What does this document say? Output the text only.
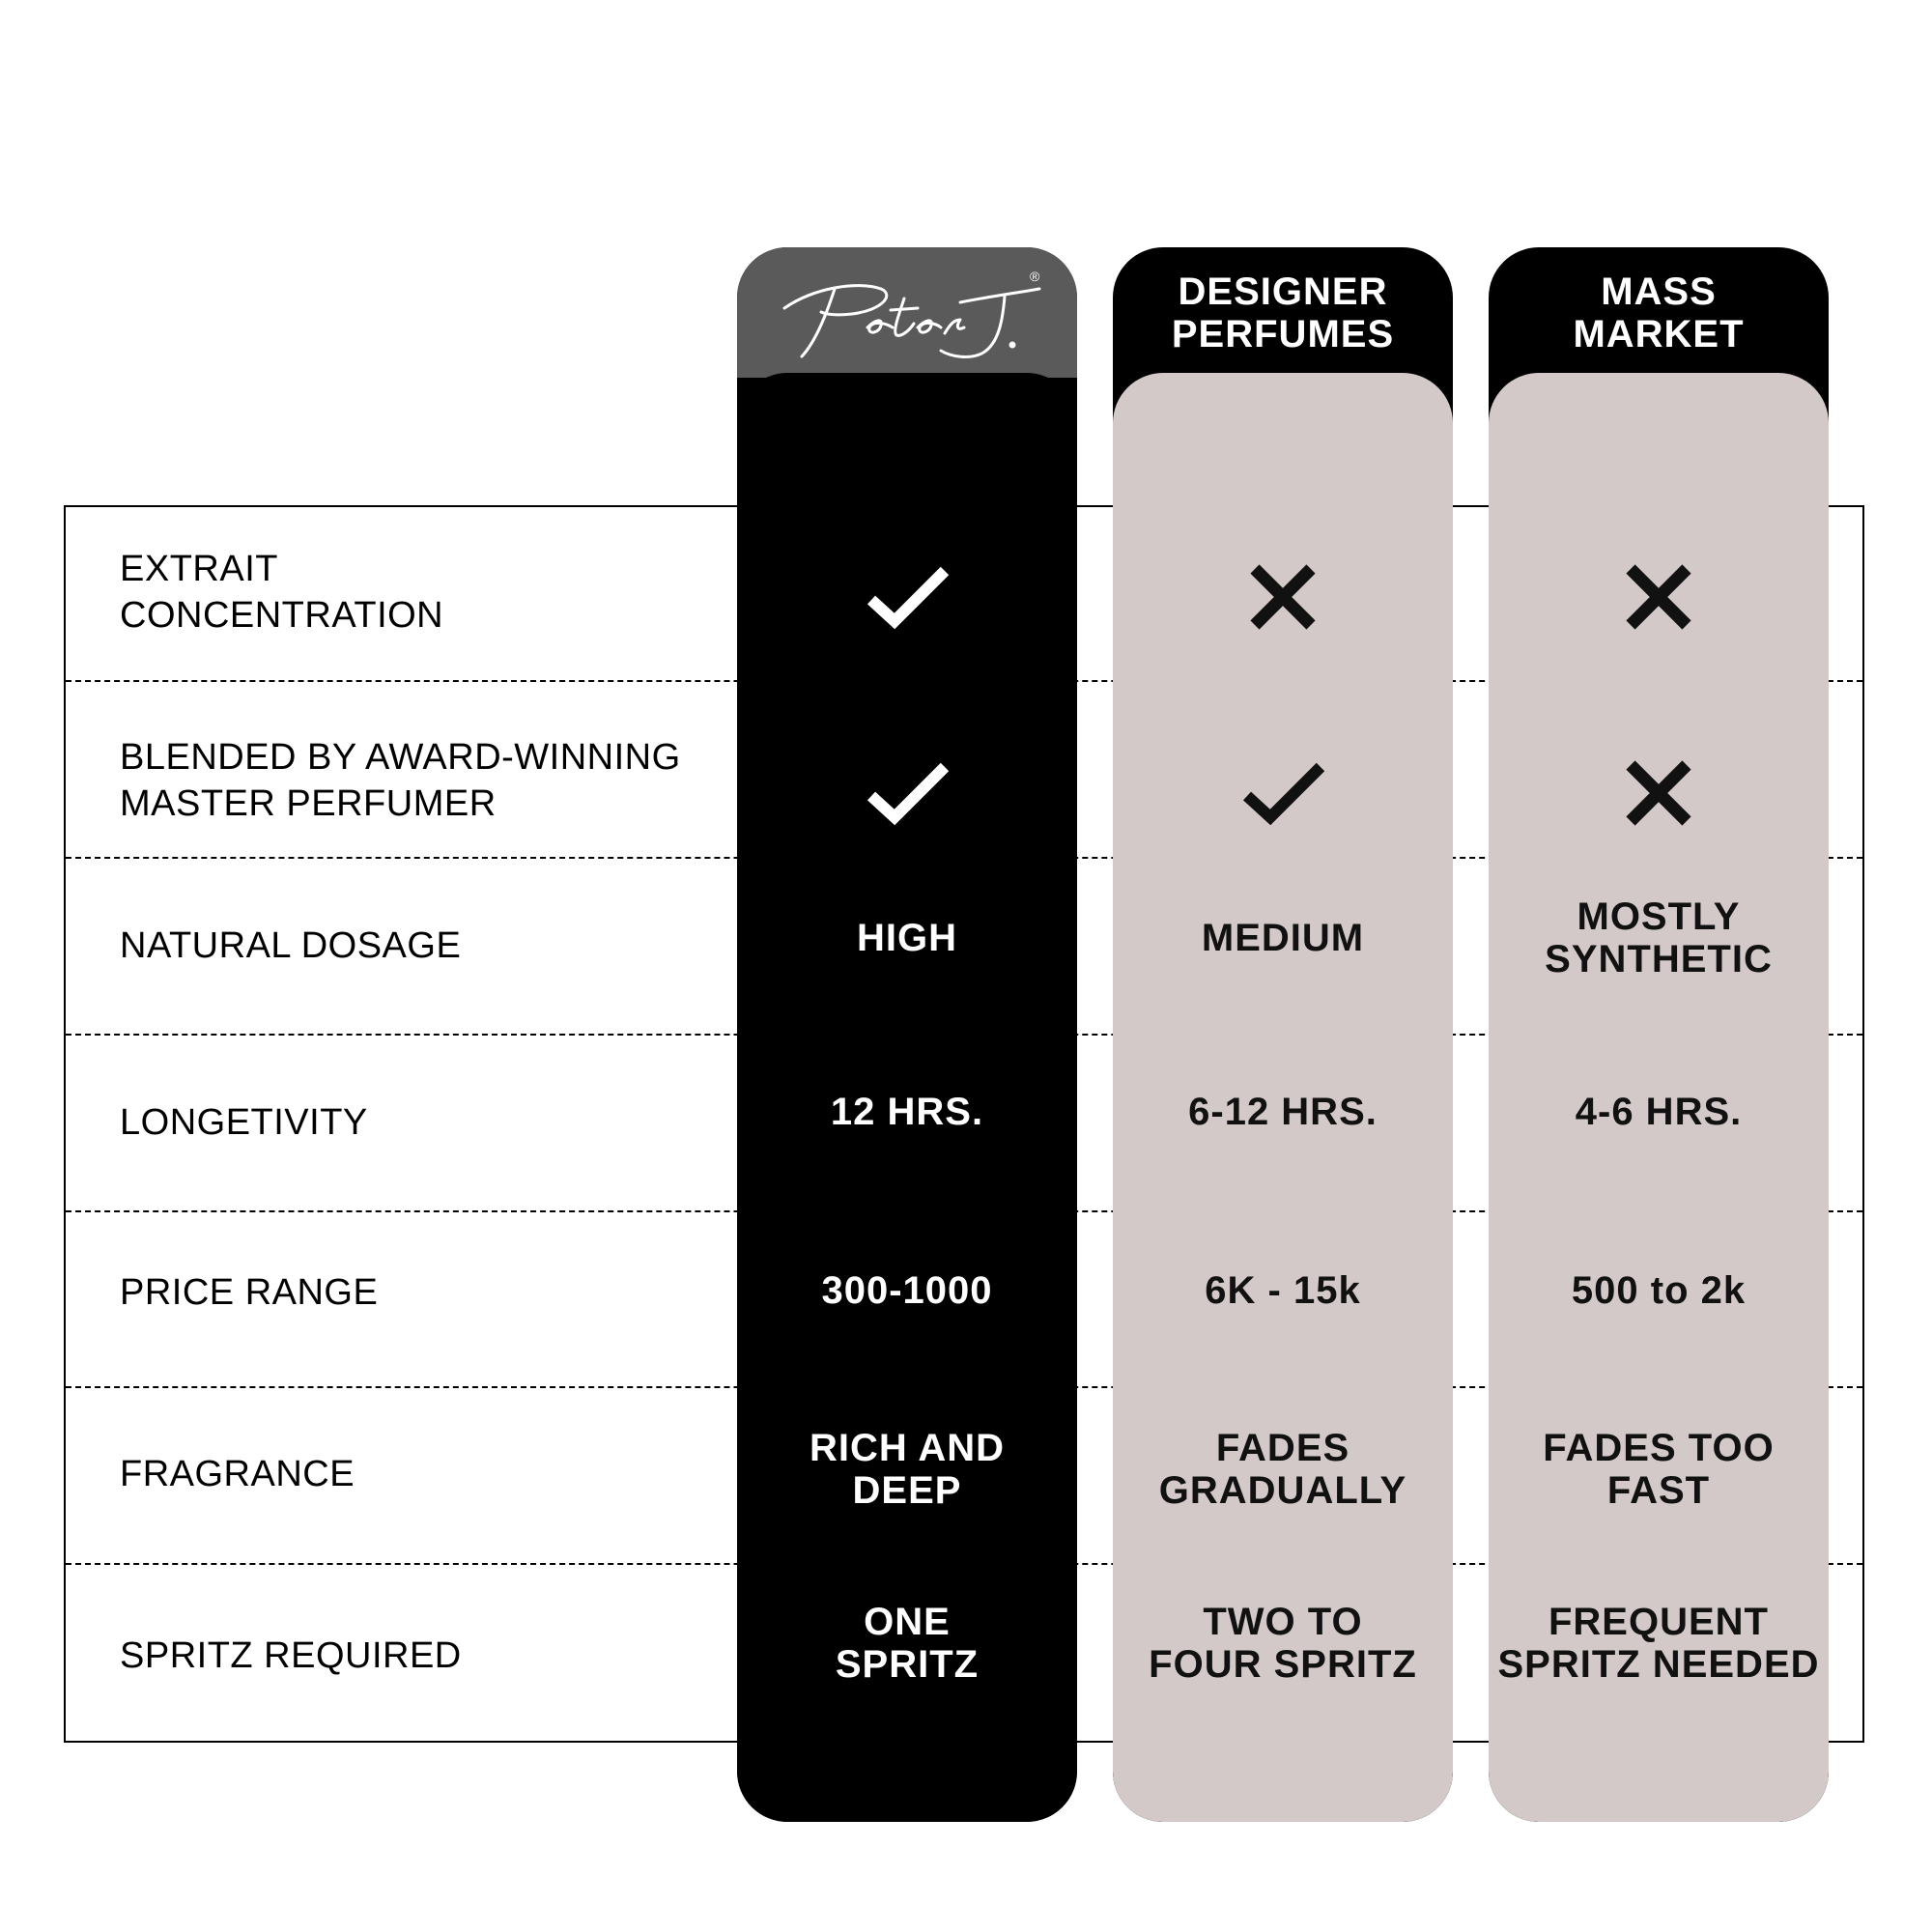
EXTRAIT
CONCENTRATION
BLENDED BY AWARD-WINNING
MASTER PERFUMER
NATURAL DOSAGE
LONGETIVITY
PRICE RANGE
FRAGRANCE
SPRITZ REQUIRED
®
HIGH
12 HRS.
300-1000
RICH AND
DEEP
ONE
SPRITZ
DESIGNER
PERFUMES
MEDIUM
6-12 HRS.
6K - 15k
FADES
GRADUALLY
TWO TO
FOUR SPRITZ
MASS
MARKET
MOSTLY
SYNTHETIC
4-6 HRS.
500 to 2k
FADES TOO
FAST
FREQUENT
SPRITZ NEEDED
